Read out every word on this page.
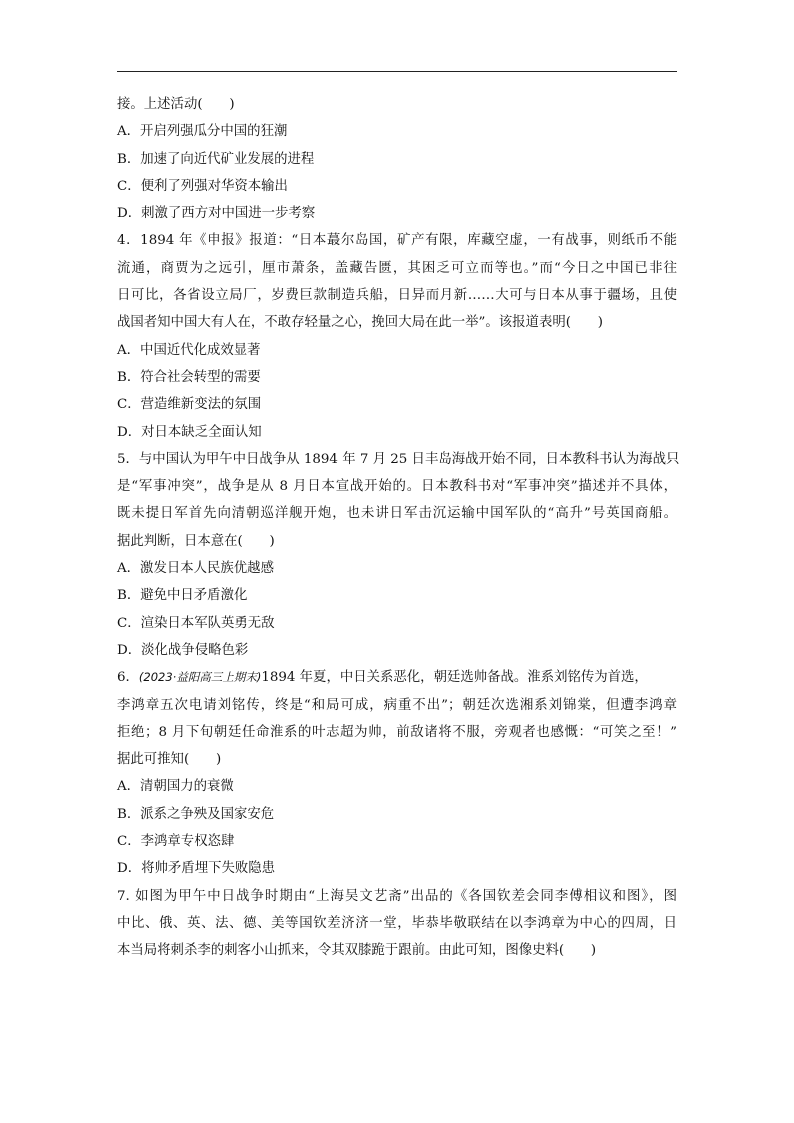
接。上述活动(　　)
A．开启列强瓜分中国的狂潮
B．加速了向近代矿业发展的进程
C．便利了列强对华资本输出
D．刺激了西方对中国进一步考察
4．1894 年《申报》报道：“日本蕞尔岛国，矿产有限，库藏空虚，一有战事，则纸币不能
流通，商贾为之远引，厘市萧条，盖藏告匮，其困乏可立而等也。”而“今日之中国已非往
日可比，各省设立局厂，岁费巨款制造兵船，日异而月新……大可与日本从事于疆场，且使
战国者知中国大有人在，不敢存轻量之心，挽回大局在此一举”。该报道表明(　　)
A．中国近代化成效显著
B．符合社会转型的需要
C．营造维新变法的氛围
D．对日本缺乏全面认知
5．与中国认为甲午中日战争从 1894 年 7 月 25 日丰岛海战开始不同，日本教科书认为海战只
是“军事冲突”，战争是从 8 月日本宣战开始的。日本教科书对“军事冲突”描述并不具体，
既未提日军首先向清朝巡洋舰开炮，也未讲日军击沉运输中国军队的“高升”号英国商船。
据此判断，日本意在(　　)
A．激发日本人民族优越感
B．避免中日矛盾激化
C．渲染日本军队英勇无敌
D．淡化战争侵略色彩
6．(2023·益阳高三上期末)1894 年夏，中日关系恶化，朝廷选帅备战。淮系刘铭传为首选，
李鸿章五次电请刘铭传，终是“和局可成，病重不出”；朝廷次选湘系刘锦棠，但遭李鸿章
拒绝；8 月下旬朝廷任命淮系的叶志超为帅，前敌诸将不服，旁观者也感慨：“可笑之至！”
据此可推知(　　)
A．清朝国力的衰微
B．派系之争殃及国家安危
C．李鸿章专权恣肆
D．将帅矛盾埋下失败隐患
7. 如图为甲午中日战争时期由“上海吴文艺斋”出品的《各国钦差会同李傅相议和图》，图
中比、俄、英、法、德、美等国钦差济济一堂，毕恭毕敬联结在以李鸿章为中心的四周，日
本当局将刺杀李的刺客小山抓来，令其双膝跪于跟前。由此可知，图像史料(　　)
